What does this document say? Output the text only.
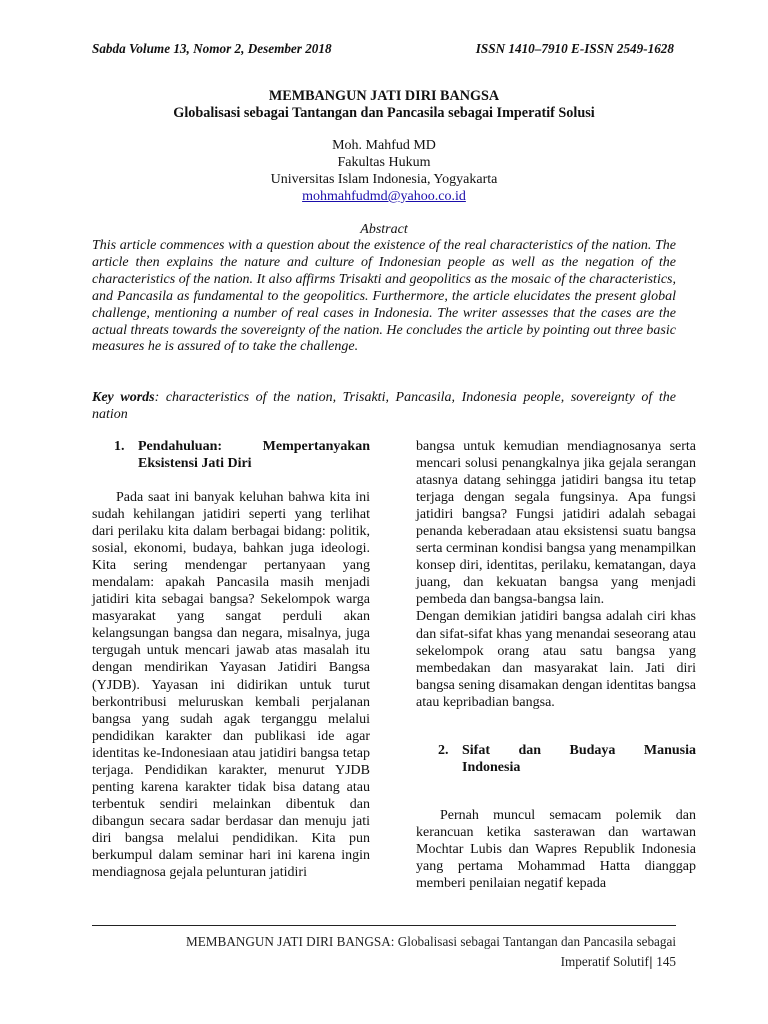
Sabda Volume 13, Nomor 2, Desember 2018	ISSN 1410–7910 E-ISSN 2549-1628
MEMBANGUN JATI DIRI BANGSA
Globalisasi sebagai Tantangan dan Pancasila sebagai Imperatif Solusi
Moh. Mahfud MD
Fakultas Hukum
Universitas Islam Indonesia, Yogyakarta
mohmahfudmd@yahoo.co.id
Abstract
This article commences with a question about the existence of the real characteristics of the nation. The article then explains the nature and culture of Indonesian people as well as the negation of the characteristics of the nation. It also affirms Trisakti and geopolitics as the mosaic of the characteristics, and Pancasila as fundamental to the geopolitics. Furthermore, the article elucidates the present global challenge, mentioning a number of real cases in Indonesia. The writer assesses that the cases are the actual threats towards the sovereignty of the nation. He concludes the article by pointing out three basic measures he is assured of to take the challenge.
Key words: characteristics of the nation, Trisakti, Pancasila, Indonesia people, sovereignty of the nation
1. Pendahuluan: Mempertanyakan
Eksistensi Jati Diri

Pada saat ini banyak keluhan bahwa kita ini sudah kehilangan jatidiri seperti yang terlihat dari perilaku kita dalam berbagai bidang: politik, sosial, ekonomi, budaya, bahkan juga ideologi. Kita sering mendengar pertanyaan yang mendalam: apakah Pancasila masih menjadi jatidiri kita sebagai bangsa? Sekelompok warga masyarakat yang sangat perduli akan kelangsungan bangsa dan negara, misalnya, juga tergugah untuk mencari jawab atas masalah itu dengan mendirikan Yayasan Jatidiri Bangsa (YJDB). Yayasan ini didirikan untuk turut berkontribusi meluruskan kembali perjalanan bangsa yang sudah agak terganggu melalui pendidikan karakter dan publikasi ide agar identitas ke-Indonesiaan atau jatidiri bangsa tetap terjaga. Pendidikan karakter, menurut YJDB penting karena karakter tidak bisa datang atau terbentuk sendiri melainkan dibentuk dan dibangun secara sadar berdasar dan menuju jati diri bangsa melalui pendidikan. Kita pun berkumpul dalam seminar hari ini karena ingin mendiagnosa gejala pelunturan jatidiri

bangsa untuk kemudian mendiagnosanya serta mencari solusi penangkalnya jika gejala serangan atasnya datang sehingga jatidiri bangsa itu tetap terjaga dengan segala fungsinya. Apa fungsi jatidiri bangsa? Fungsi jatidiri adalah sebagai penanda keberadaan atau eksistensi suatu bangsa serta cerminan kondisi bangsa yang menampilkan konsep diri, identitas, perilaku, kematangan, daya juang, dan kekuatan bangsa yang menjadi pembeda dan bangsa-bangsa lain.

Dengan demikian jatidiri bangsa adalah ciri khas dan sifat-sifat khas yang menandai seseorang atau sekelompok orang atau satu bangsa yang membedakan dan masyarakat lain. Jati diri bangsa sening disamakan dengan identitas bangsa atau kepribadian bangsa.

2. Sifat dan Budaya Manusia
Indonesia

Pernah muncul semacam polemik dan kerancuan ketika sasterawan dan wartawan Mochtar Lubis dan Wapres Republik Indonesia yang pertama Mohammad Hatta dianggap memberi penilaian negatif kepada

MEMBANGUN JATI DIRI BANGSA: Globalisasi sebagai Tantangan dan Pancasila sebagai
Imperatif Solutif| 145
